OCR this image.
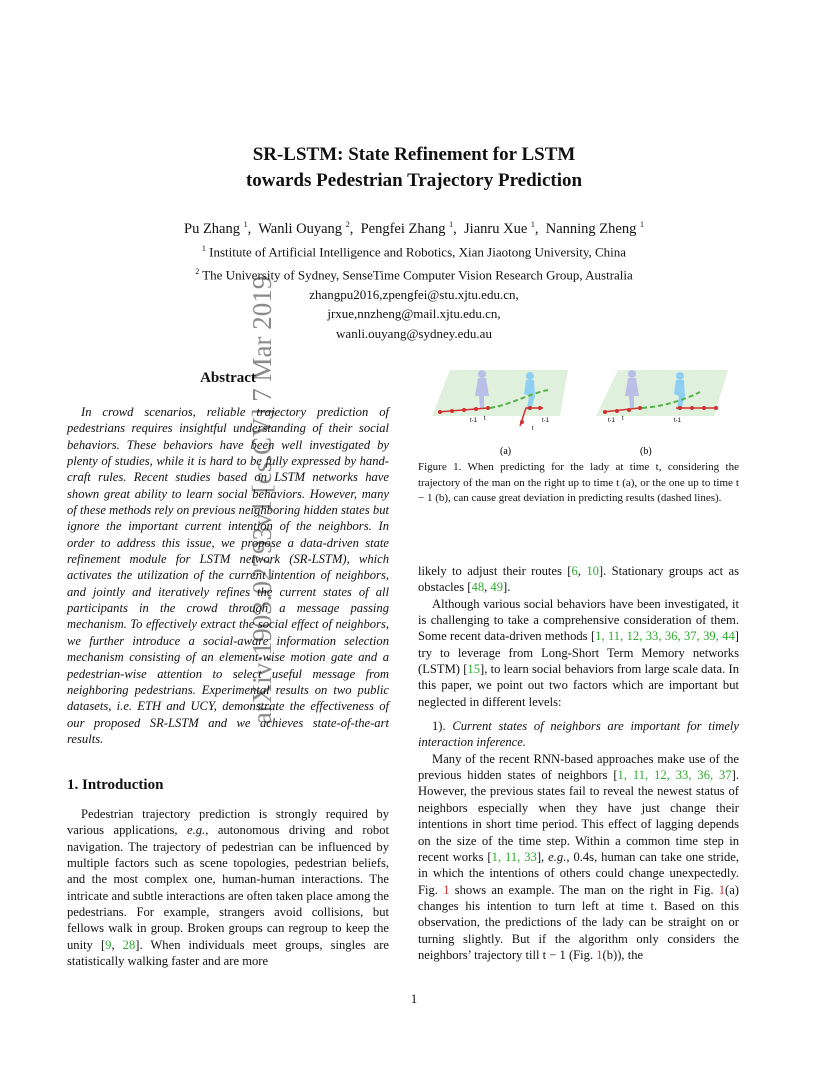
arXiv:1903.02793v1 [cs.CV] 7 Mar 2019
SR-LSTM: State Refinement for LSTM
towards Pedestrian Trajectory Prediction
Pu Zhang $^1$,  Wanli Ouyang $^2$,  Pengfei Zhang $^1$,  Jianru Xue $^1$,  Nanning Zheng $^1$
$^1$ Institute of Artificial Intelligence and Robotics, Xian Jiaotong University, China
$^2$ The University of Sydney, SenseTime Computer Vision Research Group, Australia
zhangpu2016,zpengfei@stu.xjtu.edu.cn,
jrxue,nnzheng@mail.xjtu.edu.cn,
wanli.ouyang@sydney.edu.au
Abstract
In crowd scenarios, reliable trajectory prediction of pedestrians requires insightful understanding of their social behaviors. These behaviors have been well investigated by plenty of studies, while it is hard to be fully expressed by hand-craft rules. Recent studies based on LSTM networks have shown great ability to learn social behaviors. However, many of these methods rely on previous neighboring hidden states but ignore the important current intention of the neighbors. In order to address this issue, we propose a data-driven state refinement module for LSTM network (SR-LSTM), which activates the utilization of the current intention of neighbors, and jointly and iteratively refines the current states of all participants in the crowd through a message passing mechanism. To effectively extract the social effect of neighbors, we further introduce a social-aware information selection mechanism consisting of an element-wise motion gate and a pedestrian-wise attention to select useful message from neighboring pedestrians. Experimental results on two public datasets, i.e. ETH and UCY, demonstrate the effectiveness of our proposed SR-LSTM and we achieves state-of-the-art results.
1. Introduction
Pedestrian trajectory prediction is strongly required by various applications, e.g., autonomous driving and robot navigation. The trajectory of pedestrian can be influenced by multiple factors such as scene topologies, pedestrian beliefs, and the most complex one, human-human interactions. The intricate and subtle interactions are often taken place among the pedestrians. For example, strangers avoid collisions, but fellows walk in group. Broken groups can regroup to keep the unity [9, 28]. When individuals meet groups, singles are statistically walking faster and are more
t-1 t	t-1
t
t-1 t	t-1
(a)	(b)
Figure 1. When predicting for the lady at time t, considering the trajectory of the man on the right up to time t (a), or the one up to time t − 1 (b), can cause great deviation in predicting results (dashed lines).

likely to adjust their routes [6, 10]. Stationary groups act as obstacles [48, 49].

Although various social behaviors have been investigated, it is challenging to take a comprehensive consideration of them. Some recent data-driven methods [1, 11, 12, 33, 36, 37, 39, 44] try to leverage from Long-Short Term Memory networks (LSTM) [15], to learn social behaviors from large scale data. In this paper, we point out two factors which are important but neglected in different levels:

1). Current states of neighbors are important for timely interaction inference.

Many of the recent RNN-based approaches make use of the previous hidden states of neighbors [1, 11, 12, 33, 36, 37]. However, the previous states fail to reveal the newest status of neighbors especially when they have just change their intentions in short time period. This effect of lagging depends on the size of the time step. Within a common time step in recent works [1, 11, 33], e.g., 0.4s, human can take one stride, in which the intentions of others could change unexpectedly. Fig. 1 shows an example. The man on the right in Fig. 1(a) changes his intention to turn left at time t. Based on this observation, the predictions of the lady can be straight on or turning slightly. But if the algorithm only considers the neighbors’ trajectory till t − 1 (Fig. 1(b)), the

1
